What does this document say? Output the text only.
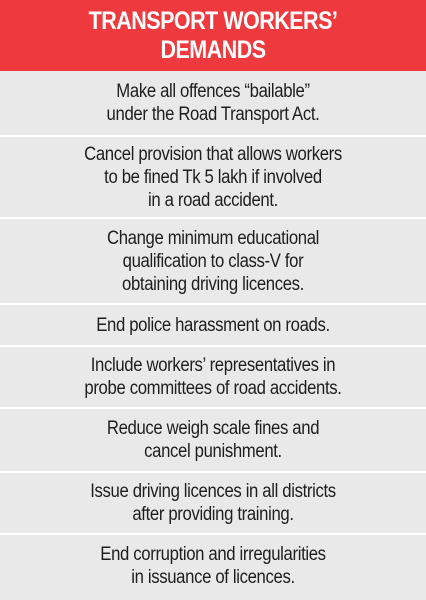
TRANSPORT WORKERS’
DEMANDS
Make all offences “bailable”
under the Road Transport Act.
Cancel provision that allows workers
to be fined Tk 5 lakh if involved
in a road accident.
Change minimum educational
qualification to class-V for
obtaining driving licences.
End police harassment on roads.
Include workers’ representatives in
probe committees of road accidents.
Reduce weigh scale fines and
cancel punishment.
Issue driving licences in all districts
after providing training.
End corruption and irregularities
in issuance of licences.
